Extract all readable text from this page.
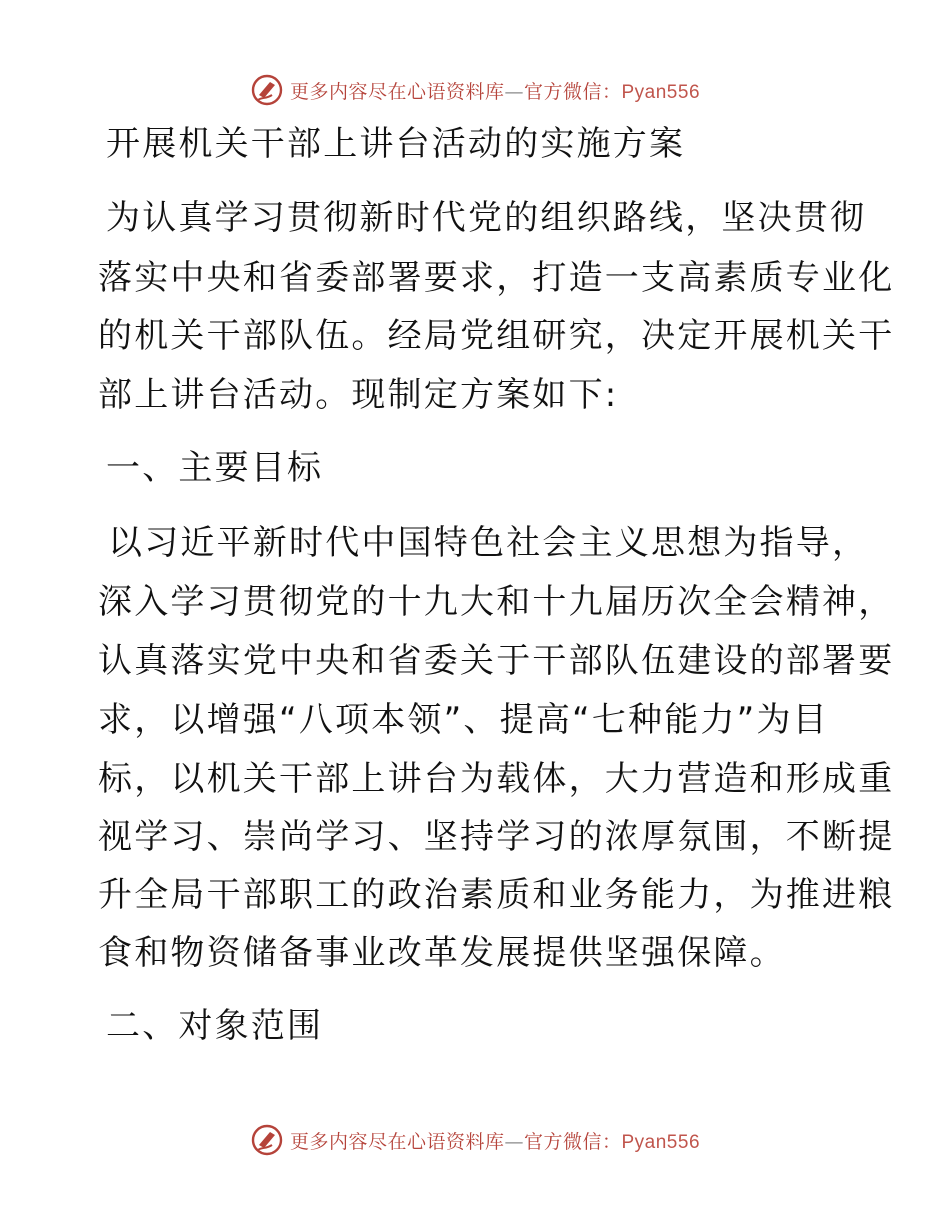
更多内容尽在心语资料库—官方微信：Pyan556
开展机关干部上讲台活动的实施方案
为认真学习贯彻新时代党的组织路线，坚决贯彻
落实中央和省委部署要求，打造一支高素质专业化
的机关干部队伍。经局党组研究，决定开展机关干
部上讲台活动。现制定方案如下:
一、主要目标
以习近平新时代中国特色社会主义思想为指导，
深入学习贯彻党的十九大和十九届历次全会精神，
认真落实党中央和省委关于干部队伍建设的部署要
求，以增强“八项本领”、提高“七种能力”为目
标，以机关干部上讲台为载体，大力营造和形成重
视学习、崇尚学习、坚持学习的浓厚氛围，不断提
升全局干部职工的政治素质和业务能力，为推进粮
食和物资储备事业改革发展提供坚强保障。
二、对象范围
更多内容尽在心语资料库—官方微信：Pyan556
